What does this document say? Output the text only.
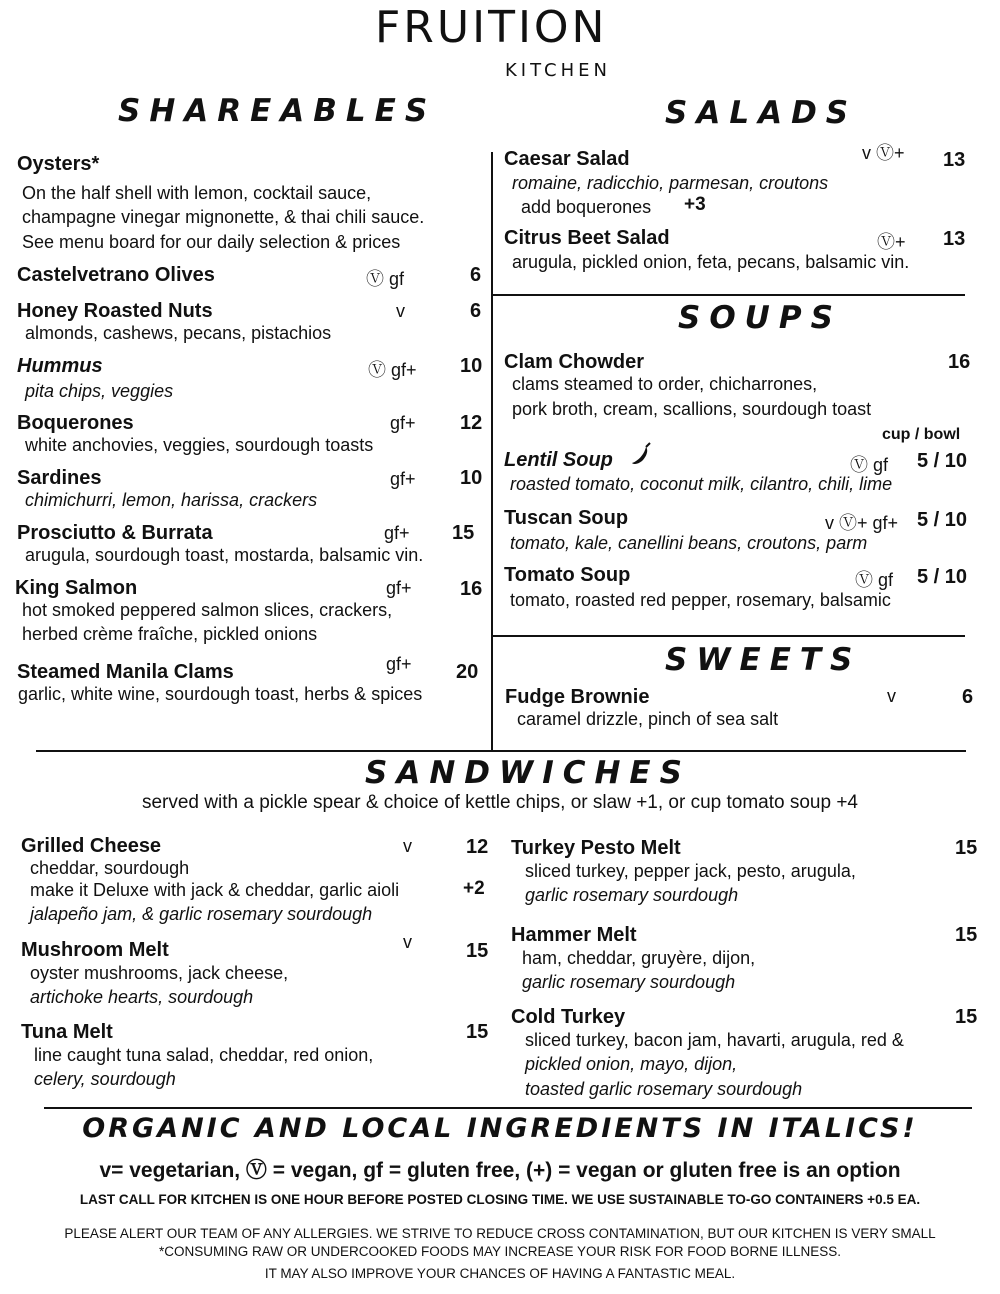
FRUITION
KITCHEN
SHAREABLES	SALADS
SOUPS
SWEETS
SANDWICHES
Oysters*
On the half shell with lemon, cocktail sauce,
champagne vinegar mignonette, & thai chili sauce.
See menu board for our daily selection & prices
Castelvetrano Olives	Ⓥ gf	6
Honey Roasted Nuts	v	6
almonds, cashews, pecans, pistachios
Hummus	Ⓥ gf+ 10
pita chips, veggies
Boquerones	gf+ 12
white anchovies, veggies, sourdough toasts
Sardines	gf+ 10
chimichurri, lemon, harissa, crackers
Prosciutto & Burrata	gf+ 15
arugula, sourdough toast, mostarda, balsamic vin.
King Salmon	gf+ 16
hot smoked peppered salmon slices, crackers,
herbed crème fraîche, pickled onions
Steamed Manila Clams	gf+ 20
garlic, white wine, sourdough toast, herbs & spices
Caesar Salad	v Ⓥ+ 13
romaine, radicchio, parmesan, croutons
add boquerones +3
Citrus Beet Salad	Ⓥ+ 13
arugula, pickled onion, feta, pecans, balsamic vin.
Clam Chowder	16
clams steamed to order, chicharrones,
pork broth, cream, scallions, sourdough toast
cup / bowl
Lentil Soup	Ⓥ gf 5 / 10
roasted tomato, coconut milk, cilantro, chili, lime
Tuscan Soup	v Ⓥ+ gf+ 5 / 10
tomato, kale, canellini beans, croutons, parm
Tomato Soup	Ⓥ gf 5 / 10
tomato, roasted red pepper, rosemary, balsamic
Fudge Brownie	v	6
caramel drizzle, pinch of sea salt
served with a pickle spear & choice of kettle chips, or slaw +1, or cup tomato soup +4
Grilled Cheese	v	12
cheddar, sourdough
make it Deluxe with jack & cheddar, garlic aioli	+2
jalapeño jam, & garlic rosemary sourdough
Mushroom Melt	v	15
oyster mushrooms, jack cheese,
artichoke hearts, sourdough
Tuna Melt	15
line caught tuna salad, cheddar, red onion,
celery, sourdough
Turkey Pesto Melt	15
sliced turkey, pepper jack, pesto, arugula,
garlic rosemary sourdough
Hammer Melt	15
ham, cheddar, gruyère, dijon,
garlic rosemary sourdough
Cold Turkey	15
sliced turkey, bacon jam, havarti, arugula, red &
pickled onion, mayo, dijon,
toasted garlic rosemary sourdough
ORGANIC AND LOCAL INGREDIENTS IN ITALICS!
v= vegetarian, Ⓥ = vegan, gf = gluten free, (+) = vegan or gluten free is an option
LAST CALL FOR KITCHEN IS ONE HOUR BEFORE POSTED CLOSING TIME. WE USE SUSTAINABLE TO-GO CONTAINERS +0.5 EA.
PLEASE ALERT OUR TEAM OF ANY ALLERGIES. WE STRIVE TO REDUCE CROSS CONTAMINATION, BUT OUR KITCHEN IS VERY SMALL
*CONSUMING RAW OR UNDERCOOKED FOODS MAY INCREASE YOUR RISK FOR FOOD BORNE ILLNESS.
IT MAY ALSO IMPROVE YOUR CHANCES OF HAVING A FANTASTIC MEAL.
